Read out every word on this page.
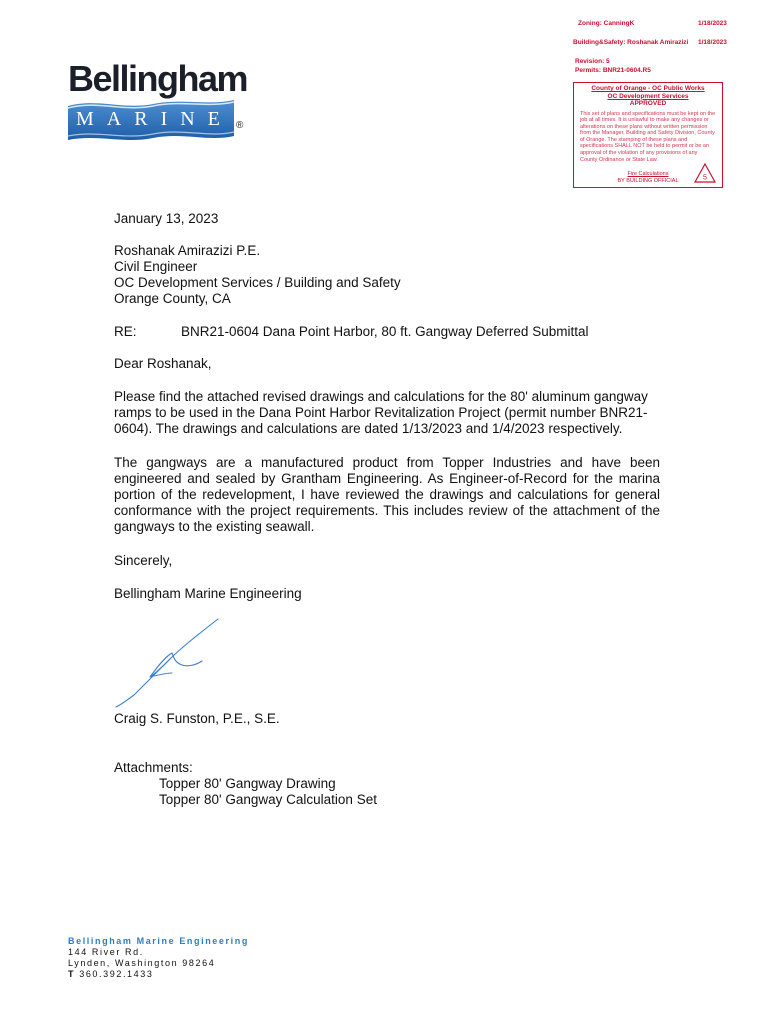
Zoning: CanningK	1/18/2023
Building&Safety: Roshanak Amirazizi 1/18/2023
Revision: 5
Permits: BNR21-0604.R5
County of Orange - OC Public Works
OC Development Services
APPROVED
This set of plans and specifications must be kept on the job at all times. It is unlawful to make any changes or alterations on these plans without written permission from the Manager, Building and Safety Division, County of Orange. The stamping of these plans and specifications SHALL NOT be held to permit or be an approval of the violation of any provisions of any County Ordinance or State Law.
Fire Calculations
BY BUILDING OFFICIAL	5
Bellingham
MARINE ®
January 13, 2023
Roshanak Amirazizi P.E.
Civil Engineer
OC Development Services / Building and Safety
Orange County, CA
RE:	BNR21-0604 Dana Point Harbor, 80 ft. Gangway Deferred Submittal
Dear Roshanak,
Please find the attached revised drawings and calculations for the 80' aluminum gangway ramps to be used in the Dana Point Harbor Revitalization Project (permit number BNR21-0604). The drawings and calculations are dated 1/13/2023 and 1/4/2023 respectively.
The gangways are a manufactured product from Topper Industries and have been engineered and sealed by Grantham Engineering. As Engineer-of-Record for the marina portion of the redevelopment, I have reviewed the drawings and calculations for general conformance with the project requirements. This includes review of the attachment of the gangways to the existing seawall.
Sincerely,
Bellingham Marine Engineering
Craig S. Funston, P.E., S.E.
Attachments:
Topper 80' Gangway Drawing
Topper 80' Gangway Calculation Set
Bellingham Marine Engineering
144 River Rd.
Lynden, Washington 98264
T 360.392.1433
